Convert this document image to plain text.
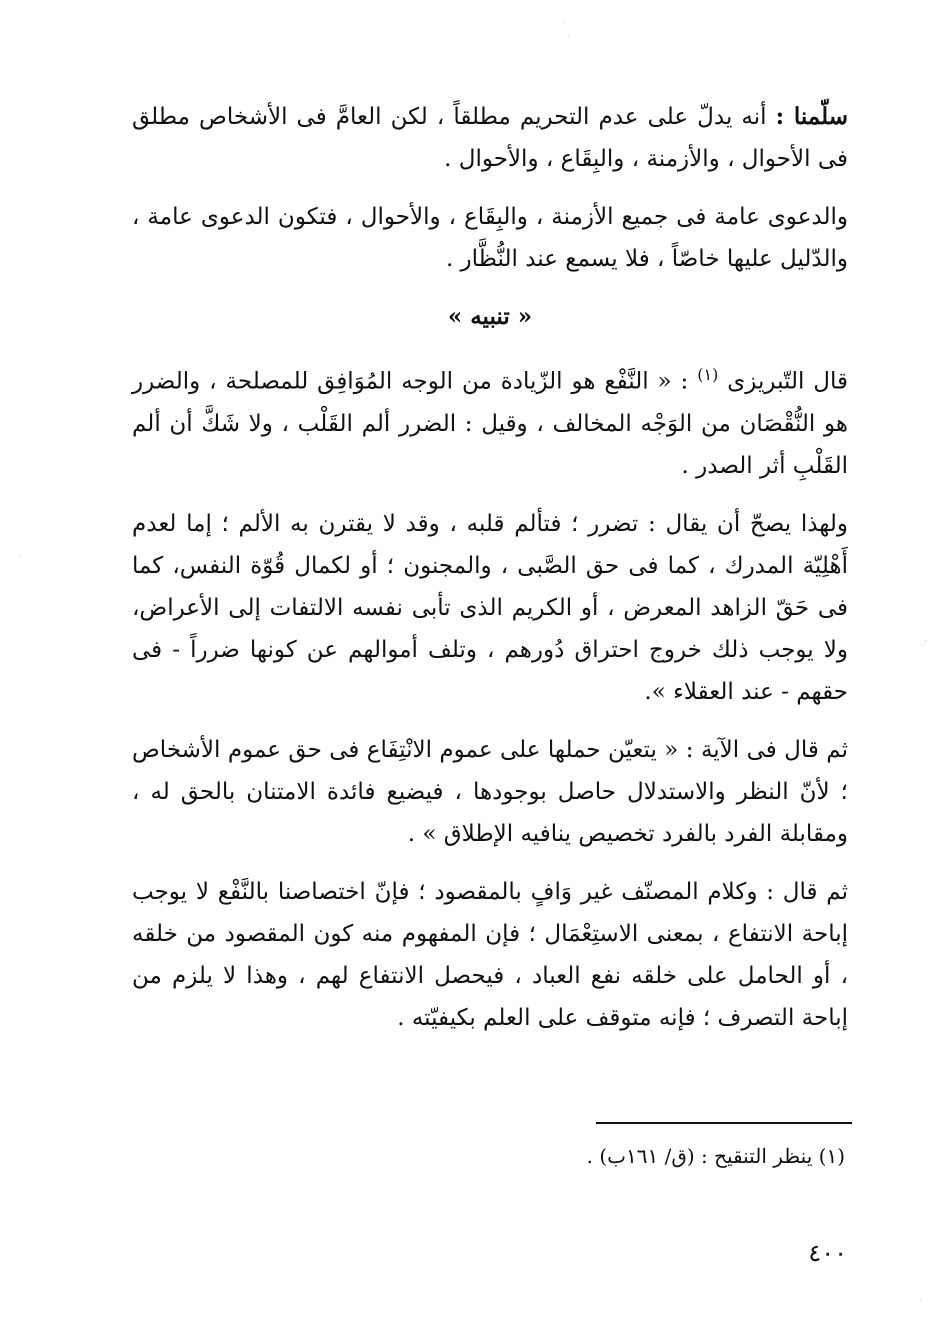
سلّمنا : أنه يدلّ على عدم التحريم مطلقاً ، لكن العامَّ فى الأشخاص مطلق فى الأحوال ، والأزمنة ، والبِقَاع ، والأحوال .

والدعوى عامة فى جميع الأزمنة ، والبِقَاع ، والأحوال ، فتكون الدعوى عامة ، والدّليل عليها خاصّاً ، فلا يسمع عند النُّظَّار .

« تنبيه »

قال التّبريزى $^{(١)}$ : « النَّفْع هو الزّيادة من الوجه المُوَافِق للمصلحة ، والضرر هو النُّقْصَان من الوَجْه المخالف ، وقيل : الضرر ألم القَلْب ، ولا شَكَّ أن ألم القَلْبِ أثر الصدر .

ولهذا يصحّ أن يقال : تضرر ؛ فتألم قلبه ، وقد لا يقترن به الألم ؛ إما لعدم أَهْلِيّة المدرك ، كما فى حق الصَّبى ، والمجنون ؛ أو لكمال قُوّة النفس، كما فى حَقّ الزاهد المعرض ، أو الكريم الذى تأبى نفسه الالتفات إلى الأعراض، ولا يوجب ذلك خروج احتراق دُورهم ، وتلف أموالهم عن كونها ضرراً - فى حقهم - عند العقلاء ».

ثم قال فى الآية : « يتعيّن حملها على عموم الانْتِفَاع فى حق عموم الأشخاص ؛ لأنّ النظر والاستدلال حاصل بوجودها ، فيضيع فائدة الامتنان بالحق له ، ومقابلة الفرد بالفرد تخصيص ينافيه الإطلاق » .

ثم قال : وكلام المصنّف غير وَافٍ بالمقصود ؛ فإنّ اختصاصنا بالنَّفْع لا يوجب إباحة الانتفاع ، بمعنى الاستِعْمَال ؛ فإن المفهوم منه كون المقصود من خلقه ، أو الحامل على خلقه نفع العباد ، فيحصل الانتفاع لهم ، وهذا لا يلزم من إباحة التصرف ؛ فإنه متوقف على العلم بكيفيّته .

(١) ينظر التنقيح : (ق/ ١٦١ب) .
٤٠٠
